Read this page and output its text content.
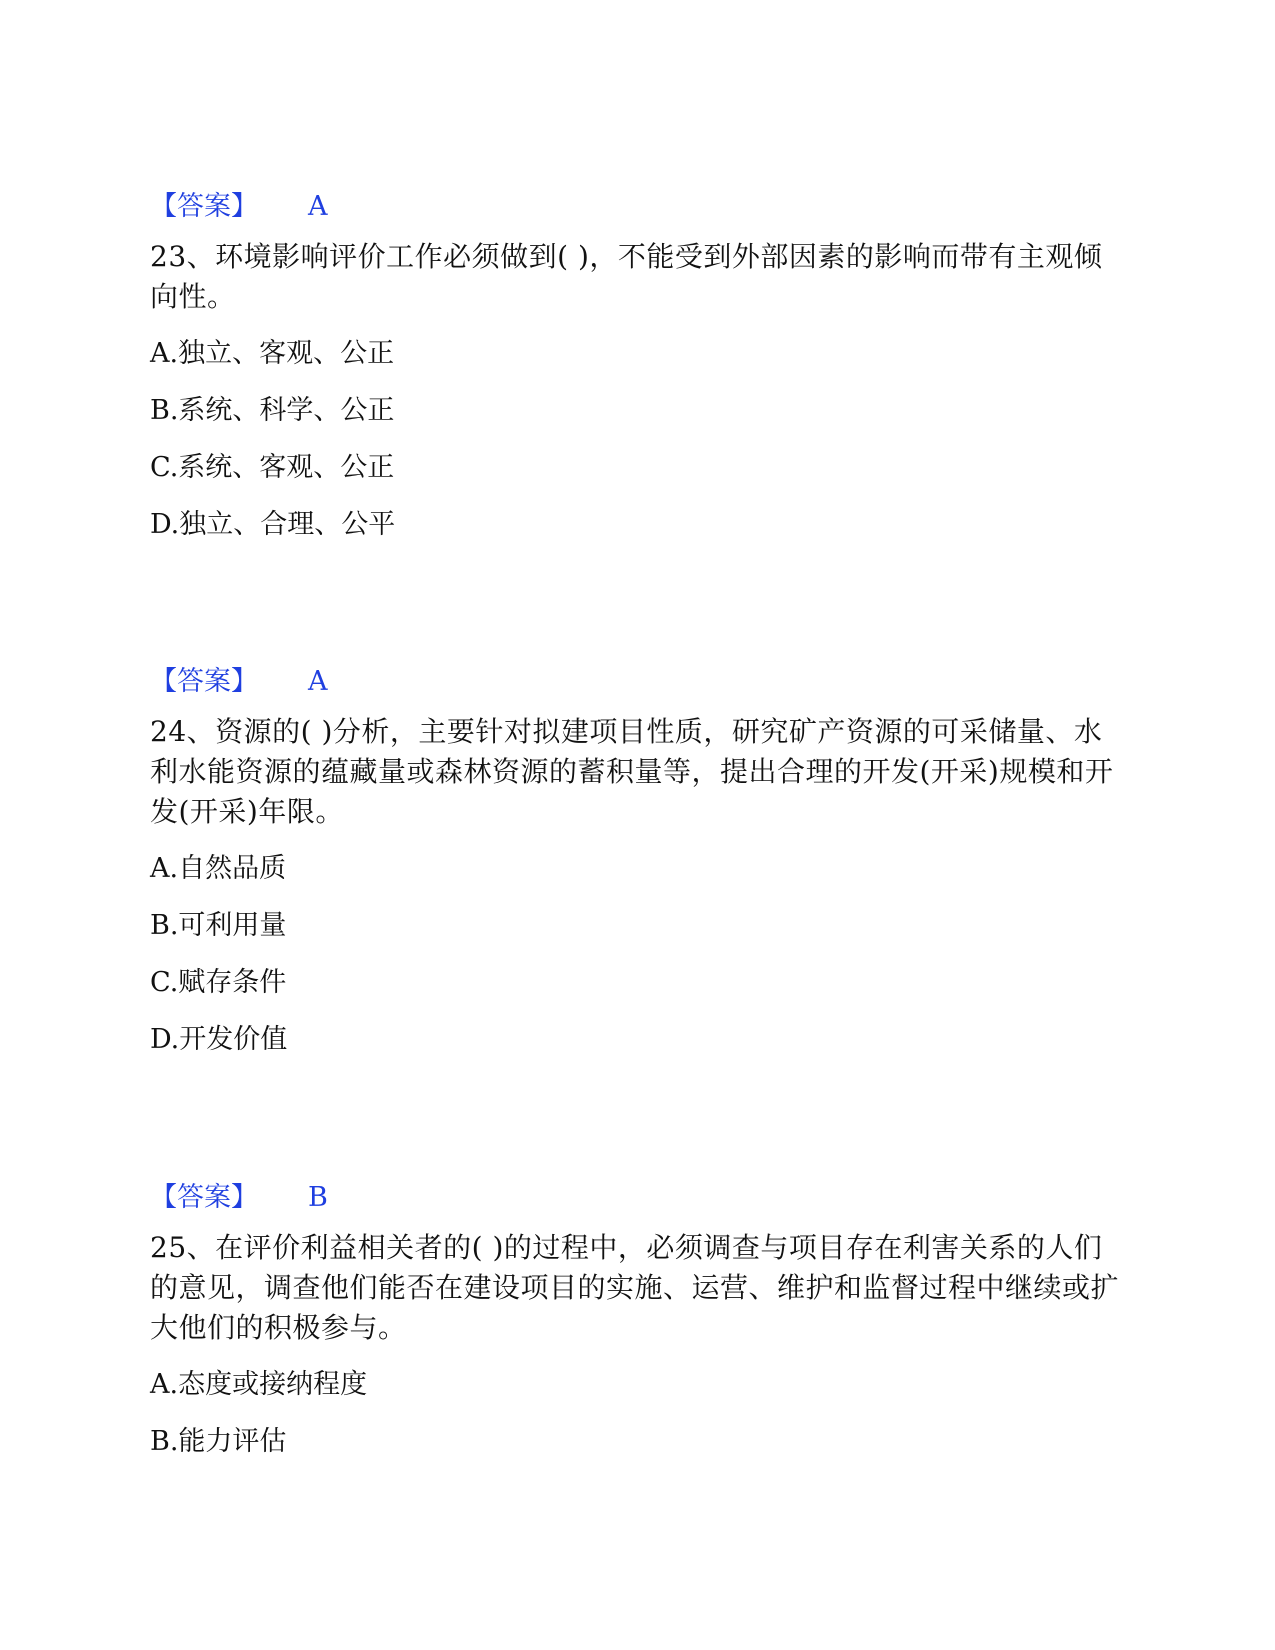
【答案】 A
23、环境影响评价工作必须做到( )，不能受到外部因素的影响而带有主观倾向性。
A.独立、客观、公正
B.系统、科学、公正
C.系统、客观、公正
D.独立、合理、公平
【答案】 A
24、资源的( )分析，主要针对拟建项目性质，研究矿产资源的可采储量、水利水能资源的蕴藏量或森林资源的蓄积量等，提出合理的开发(开采)规模和开发(开采)年限。
A.自然品质
B.可利用量
C.赋存条件
D.开发价值
【答案】 B
25、在评价利益相关者的( )的过程中，必须调查与项目存在利害关系的人们的意见，调查他们能否在建设项目的实施、运营、维护和监督过程中继续或扩大他们的积极参与。
A.态度或接纳程度
B.能力评估
